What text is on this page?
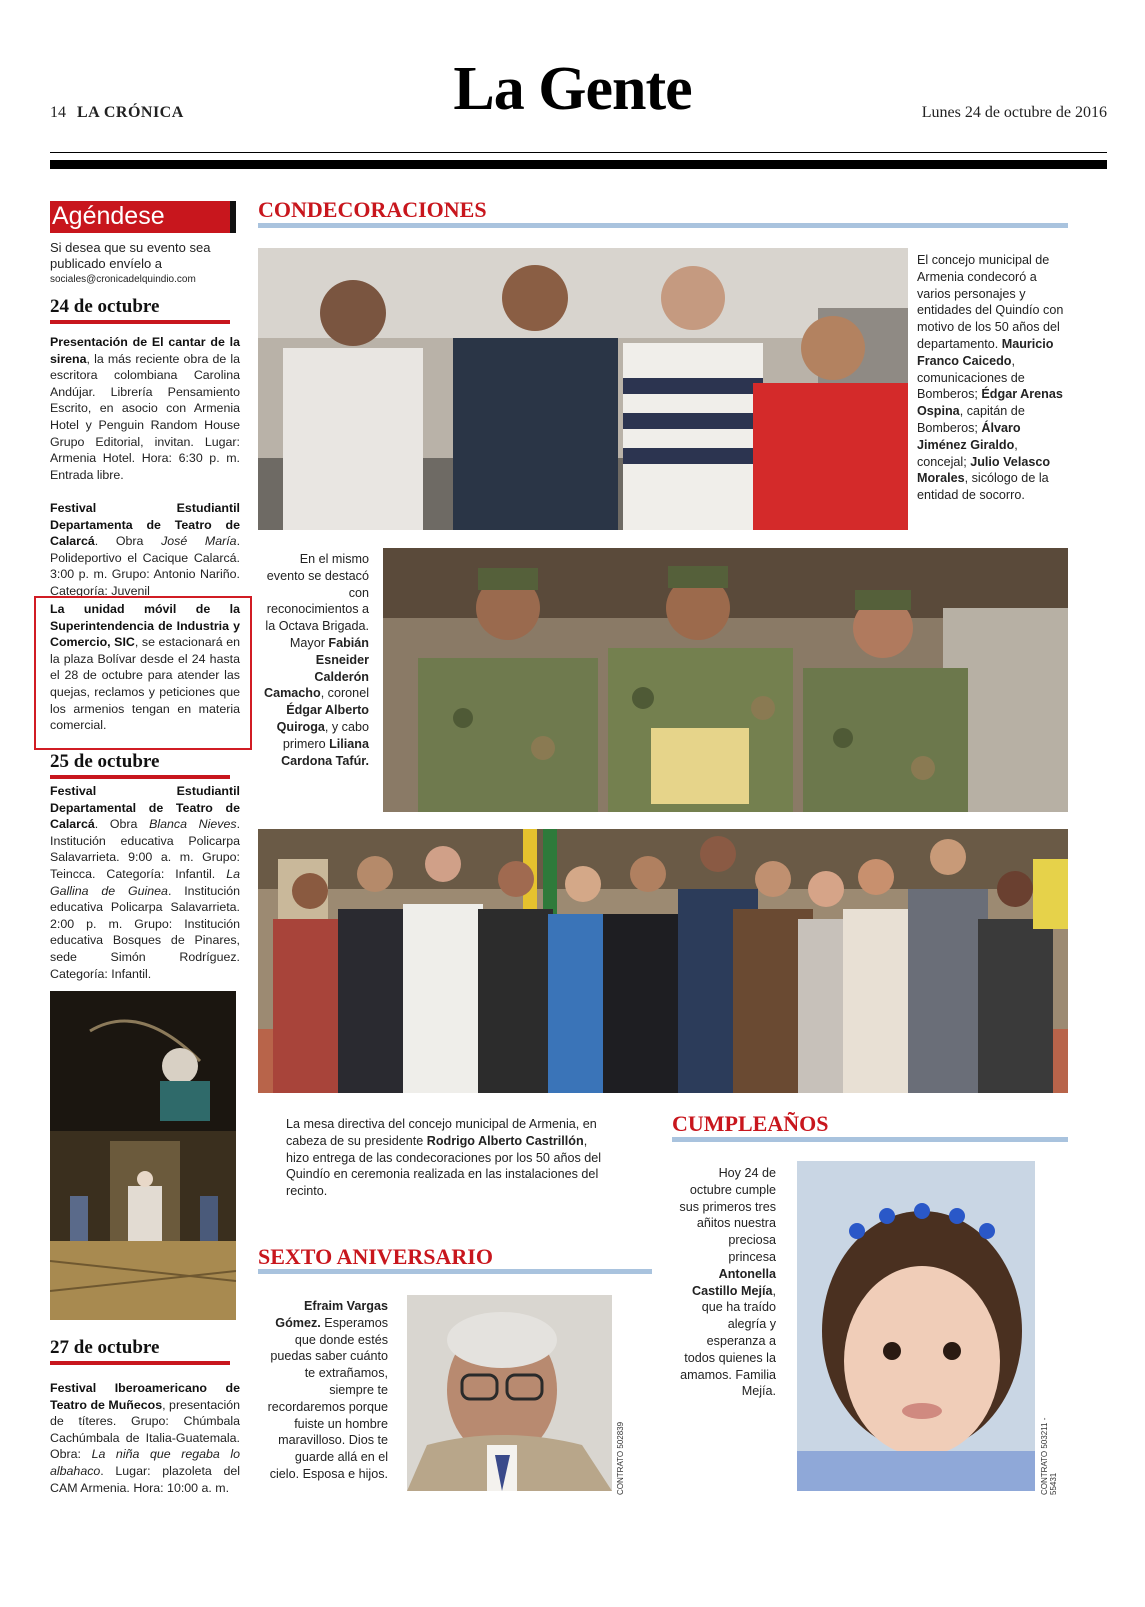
14 LA CRÓNICA	La Gente	Lunes 24 de octubre de 2016
Agéndese
Si desea que su evento sea publicado envíelo a
sociales@cronicadelquindio.com
24 de octubre
Presentación de El cantar de la sirena, la más reciente obra de la escritora colombiana Carolina Andújar. Librería Pensamiento Escrito, en asocio con Armenia Hotel y Penguin Random House Grupo Editorial, invitan. Lugar: Armenia Hotel. Hora: 6:30 p. m. Entrada libre.
Festival Estudiantil Departamenta de Teatro de Calarcá. Obra José María. Polideportivo el Cacique Calarcá. 3:00 p. m. Grupo: Antonio Nariño. Categoría: Juvenil
La unidad móvil de la Superintendencia de Industria y Comercio, SIC, se estacionará en la plaza Bolívar desde el 24 hasta el 28 de octubre para atender las quejas, reclamos y peticiones que los armenios tengan en materia comercial.
25 de octubre
Festival Estudiantil Departamental de Teatro de Calarcá. Obra Blanca Nieves. Institución educativa Policarpa Salavarrieta. 9:00 a. m. Grupo: Teincca. Categoría: Infantil. La Gallina de Guinea. Institución educativa Policarpa Salavarrieta. 2:00 p. m. Grupo: Institución educativa Bosques de Pinares, sede Simón Rodríguez. Categoría: Infantil.
27 de octubre
Festival Iberoamericano de Teatro de Muñecos, presentación de títeres. Grupo: Chúmbala Cachúmbala de Italia-Guatemala. Obra: La niña que regaba lo albahaco. Lugar: plazoleta del CAM Armenia. Hora: 10:00 a. m.
CONDECORACIONES
El concejo municipal de Armenia condecoró a varios personajes y entidades del Quindío con motivo de los 50 años del departamento. Mauricio Franco Caicedo, comunicaciones de Bomberos; Édgar Arenas Ospina, capitán de Bomberos; Álvaro Jiménez Giraldo, concejal; Julio Velasco Morales, sicólogo de la entidad de socorro.
En el mismo evento se destacó con reconocimientos a la Octava Brigada. Mayor Fabián Esneider Calderón Camacho, coronel Édgar Alberto Quiroga, y cabo primero Liliana Cardona Tafúr.
La mesa directiva del concejo municipal de Armenia, en cabeza de su presidente Rodrigo Alberto Castrillón, hizo entrega de las condecoraciones por los 50 años del Quindío en ceremonia realizada en las instalaciones del recinto.
CUMPLEAÑOS
Hoy 24 de octubre cumple sus primeros tres añitos nuestra preciosa princesa Antonella Castillo Mejía, que ha traído alegría y esperanza a todos quienes la amamos. Familia Mejía.
CONTRATO 503211 - 55431
SEXTO ANIVERSARIO
Efraim Vargas Gómez. Esperamos que donde estés puedas saber cuánto te extrañamos, siempre te recordaremos porque fuiste un hombre maravilloso. Dios te guarde allá en el cielo. Esposa e hijos.	CONTRATO 502839
